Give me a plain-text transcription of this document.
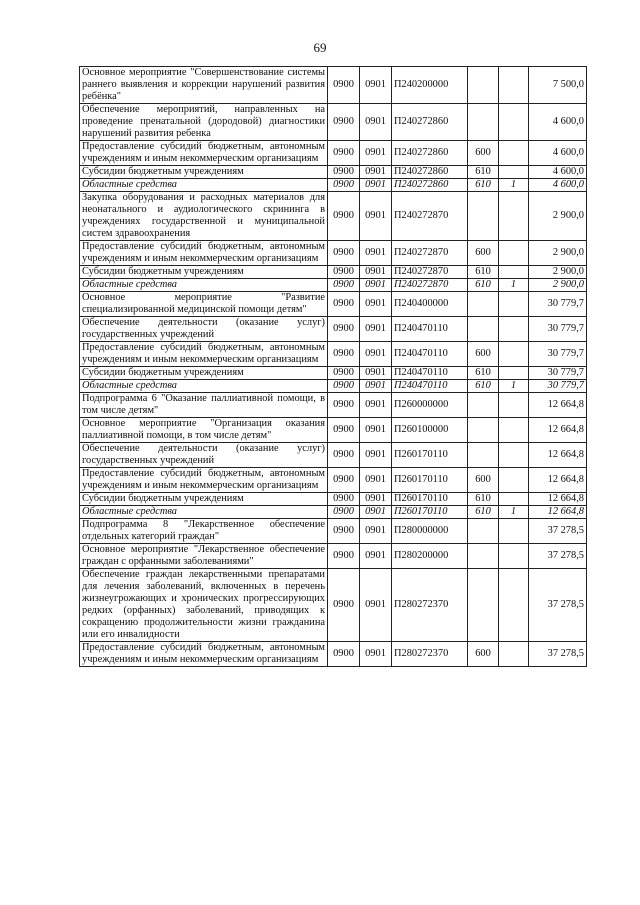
69
Основное мероприятие "Совершенствование системы раннего выявления и коррекции нарушений развития ребёнка"	0900	0901	П240200000			7 500,0
Обеспечение мероприятий, направленных на проведение пренатальной (дородовой) диагностики нарушений развития ребенка	0900	0901	П240272860			4 600,0
Предоставление субсидий бюджетным, автономным учреждениям и иным некоммерческим организациям	0900	0901	П240272860	600		4 600,0
Субсидии бюджетным учреждениям	0900	0901	П240272860	610		4 600,0
Областные средства	0900	0901	П240272860	610	1	4 600,0
Закупка оборудования и расходных материалов для неонатального и аудиологического скрининга в учреждениях государственной и муниципальной систем здравоохранения	0900	0901	П240272870			2 900,0
Предоставление субсидий бюджетным, автономным учреждениям и иным некоммерческим организациям	0900	0901	П240272870	600		2 900,0
Субсидии бюджетным учреждениям	0900	0901	П240272870	610		2 900,0
Областные средства	0900	0901	П240272870	610	1	2 900,0
Основное мероприятие "Развитие специализированной медицинской помощи детям"	0900	0901	П240400000			30 779,7
Обеспечение деятельности (оказание услуг) государственных учреждений	0900	0901	П240470110			30 779,7
Предоставление субсидий бюджетным, автономным учреждениям и иным некоммерческим организациям	0900	0901	П240470110	600		30 779,7
Субсидии бюджетным учреждениям	0900	0901	П240470110	610		30 779,7
Областные средства	0900	0901	П240470110	610	1	30 779,7
Подпрограмма 6 "Оказание паллиативной помощи, в том числе детям"	0900	0901	П260000000			12 664,8
Основное мероприятие "Организация оказания паллиативной помощи, в том числе детям"	0900	0901	П260100000			12 664,8
Обеспечение деятельности (оказание услуг) государственных учреждений	0900	0901	П260170110			12 664,8
Предоставление субсидий бюджетным, автономным учреждениям и иным некоммерческим организациям	0900	0901	П260170110	600		12 664,8
Субсидии бюджетным учреждениям	0900	0901	П260170110	610		12 664,8
Областные средства	0900	0901	П260170110	610	1	12 664,8
Подпрограмма 8 "Лекарственное обеспечение отдельных категорий граждан"	0900	0901	П280000000			37 278,5
Основное мероприятие "Лекарственное обеспечение граждан с орфанными заболеваниями"	0900	0901	П280200000			37 278,5
Обеспечение граждан лекарственными препаратами для лечения заболеваний, включенных в перечень жизнеугрожающих и хронических прогрессирующих редких (орфанных) заболеваний, приводящих к сокращению продолжительности жизни гражданина или его инвалидности	0900	0901	П280272370			37 278,5
Предоставление субсидий бюджетным, автономным учреждениям и иным некоммерческим организациям	0900	0901	П280272370	600		37 278,5
